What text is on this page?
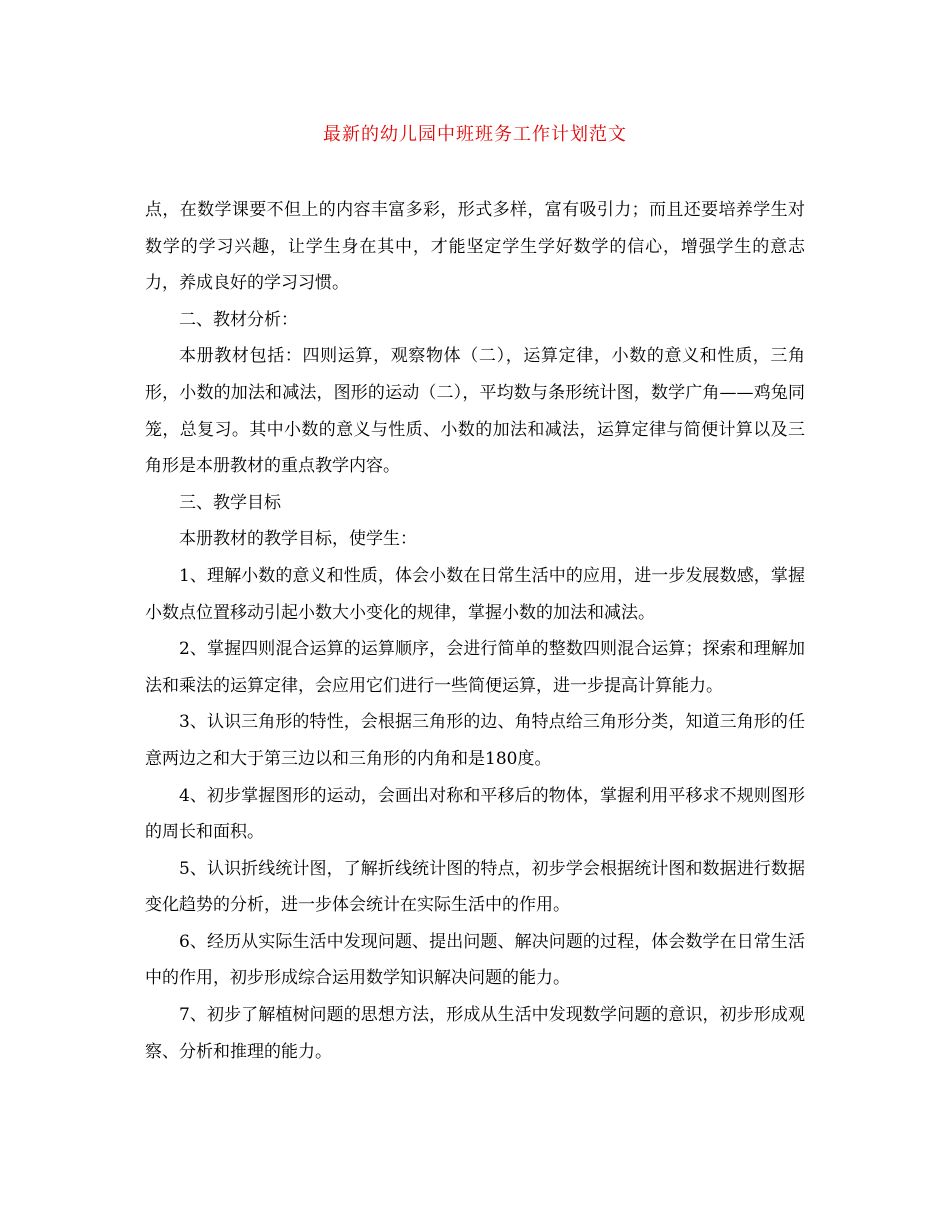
最新的幼儿园中班班务工作计划范文

点，在数学课要不但上的内容丰富多彩，形式多样，富有吸引力；而且还要培养学生对数学的学习兴趣，让学生身在其中，才能坚定学生学好数学的信心，增强学生的意志力，养成良好的学习习惯。

二、教材分析：

本册教材包括：四则运算，观察物体（二），运算定律，小数的意义和性质，三角形，小数的加法和减法，图形的运动（二），平均数与条形统计图，数学广角——鸡兔同笼，总复习。其中小数的意义与性质、小数的加法和减法，运算定律与简便计算以及三角形是本册教材的重点教学内容。

三、教学目标

本册教材的教学目标，使学生：

1、理解小数的意义和性质，体会小数在日常生活中的应用，进一步发展数感，掌握小数点位置移动引起小数大小变化的规律，掌握小数的加法和减法。

2、掌握四则混合运算的运算顺序，会进行简单的整数四则混合运算；探索和理解加法和乘法的运算定律，会应用它们进行一些简便运算，进一步提高计算能力。

3、认识三角形的特性，会根据三角形的边、角特点给三角形分类，知道三角形的任意两边之和大于第三边以和三角形的内角和是180度。

4、初步掌握图形的运动，会画出对称和平移后的物体，掌握利用平移求不规则图形的周长和面积。

5、认识折线统计图，了解折线统计图的特点，初步学会根据统计图和数据进行数据变化趋势的分析，进一步体会统计在实际生活中的作用。

6、经历从实际生活中发现问题、提出问题、解决问题的过程，体会数学在日常生活中的作用，初步形成综合运用数学知识解决问题的能力。

7、初步了解植树问题的思想方法，形成从生活中发现数学问题的意识，初步形成观察、分析和推理的能力。
